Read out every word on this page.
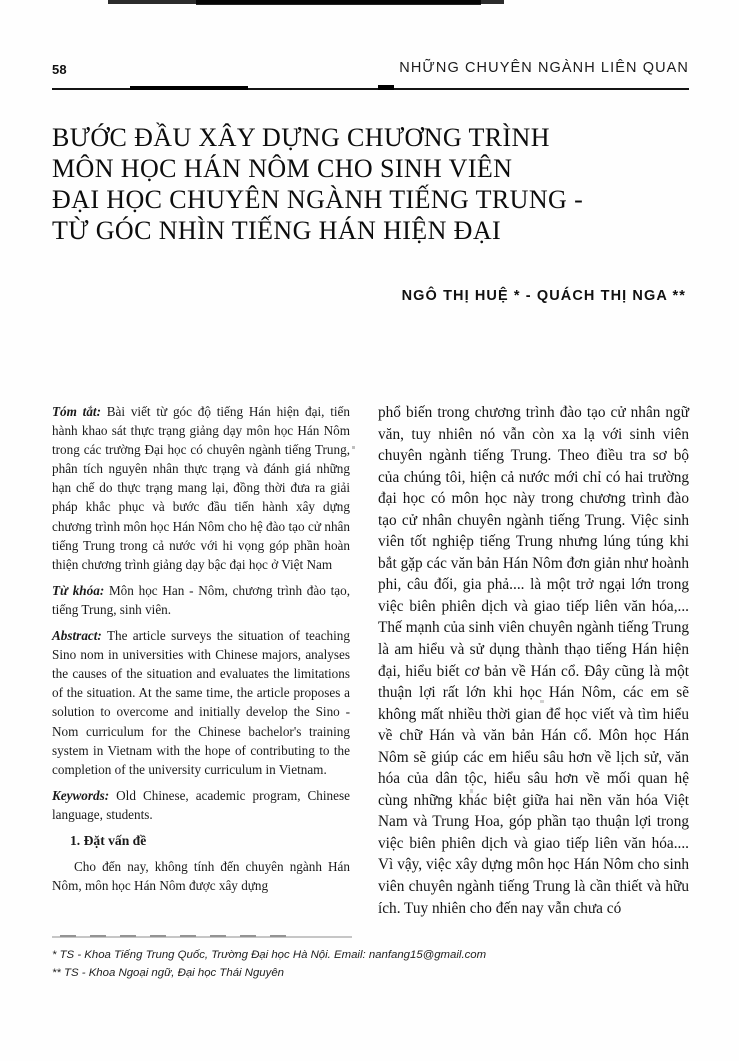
58	NHỮNG CHUYÊN NGÀNH LIÊN QUAN
BƯỚC ĐẦU XÂY DỰNG CHƯƠNG TRÌNH
MÔN HỌC HÁN NÔM CHO SINH VIÊN
ĐẠI HỌC CHUYÊN NGÀNH TIẾNG TRUNG -
TỪ GÓC NHÌN TIẾNG HÁN HIỆN ĐẠI
NGÔ THỊ HUỆ * - QUÁCH THỊ NGA **

Tóm tắt: Bài viết từ góc độ tiếng Hán hiện đại, tiến hành khao sát thực trạng giảng dạy môn học Hán Nôm trong các trường Đại học có chuyên ngành tiếng Trung, phân tích nguyên nhân thực trạng và đánh giá những hạn chế do thực trạng mang lại, đồng thời đưa ra giải pháp khắc phục và bước đầu tiến hành xây dựng chương trình môn học Hán Nôm cho hệ đào tạo cử nhân tiếng Trung trong cả nước với hi vọng góp phần hoàn thiện chương trình giảng dạy bậc đại học ở Việt Nam

Từ khóa: Môn học Han - Nôm, chương trình đào tạo, tiếng Trung, sinh viên.

Abstract: The article surveys the situation of teaching Sino nom in universities with Chinese majors, analyses the causes of the situation and evaluates the limitations of the situation. At the same time, the article proposes a solution to overcome and initially develop the Sino - Nom curriculum for the Chinese bachelor's training system in Vietnam with the hope of contributing to the completion of the university curriculum in Vietnam.

Keywords: Old Chinese, academic program, Chinese language, students.

1. Đặt vấn đề

Cho đến nay, không tính đến chuyên ngành Hán Nôm, môn học Hán Nôm được xây dựng

phổ biến trong chương trình đào tạo cử nhân ngữ văn, tuy nhiên nó vẫn còn xa lạ với sinh viên chuyên ngành tiếng Trung. Theo điều tra sơ bộ của chúng tôi, hiện cả nước mới chỉ có hai trường đại học có môn học này trong chương trình đào tạo cử nhân chuyên ngành tiếng Trung. Việc sinh viên tốt nghiệp tiếng Trung nhưng lúng túng khi bắt gặp các văn bản Hán Nôm đơn giản như hoành phi, câu đối, gia phả.... là một trở ngại lớn trong việc biên phiên dịch và giao tiếp liên văn hóa,... Thế mạnh của sinh viên chuyên ngành tiếng Trung là am hiểu và sử dụng thành thạo tiếng Hán hiện đại, hiểu biết cơ bản về Hán cổ. Đây cũng là một thuận lợi rất lớn khi học Hán Nôm, các em sẽ không mất nhiều thời gian để học viết và tìm hiểu về chữ Hán và văn bản Hán cổ. Môn học Hán Nôm sẽ giúp các em hiểu sâu hơn về lịch sử, văn hóa của dân tộc, hiểu sâu hơn về mối quan hệ cùng những khác biệt giữa hai nền văn hóa Việt Nam và Trung Hoa, góp phần tạo thuận lợi trong việc biên phiên dịch và giao tiếp liên văn hóa.... Vì vậy, việc xây dựng môn học Hán Nôm cho sinh viên chuyên ngành tiếng Trung là cần thiết và hữu ích. Tuy nhiên cho đến nay vẫn chưa có

* TS - Khoa Tiếng Trung Quốc, Trường Đại học Hà Nội. Email: nanfang15@gmail.com
** TS - Khoa Ngoại ngữ, Đại học Thái Nguyên
